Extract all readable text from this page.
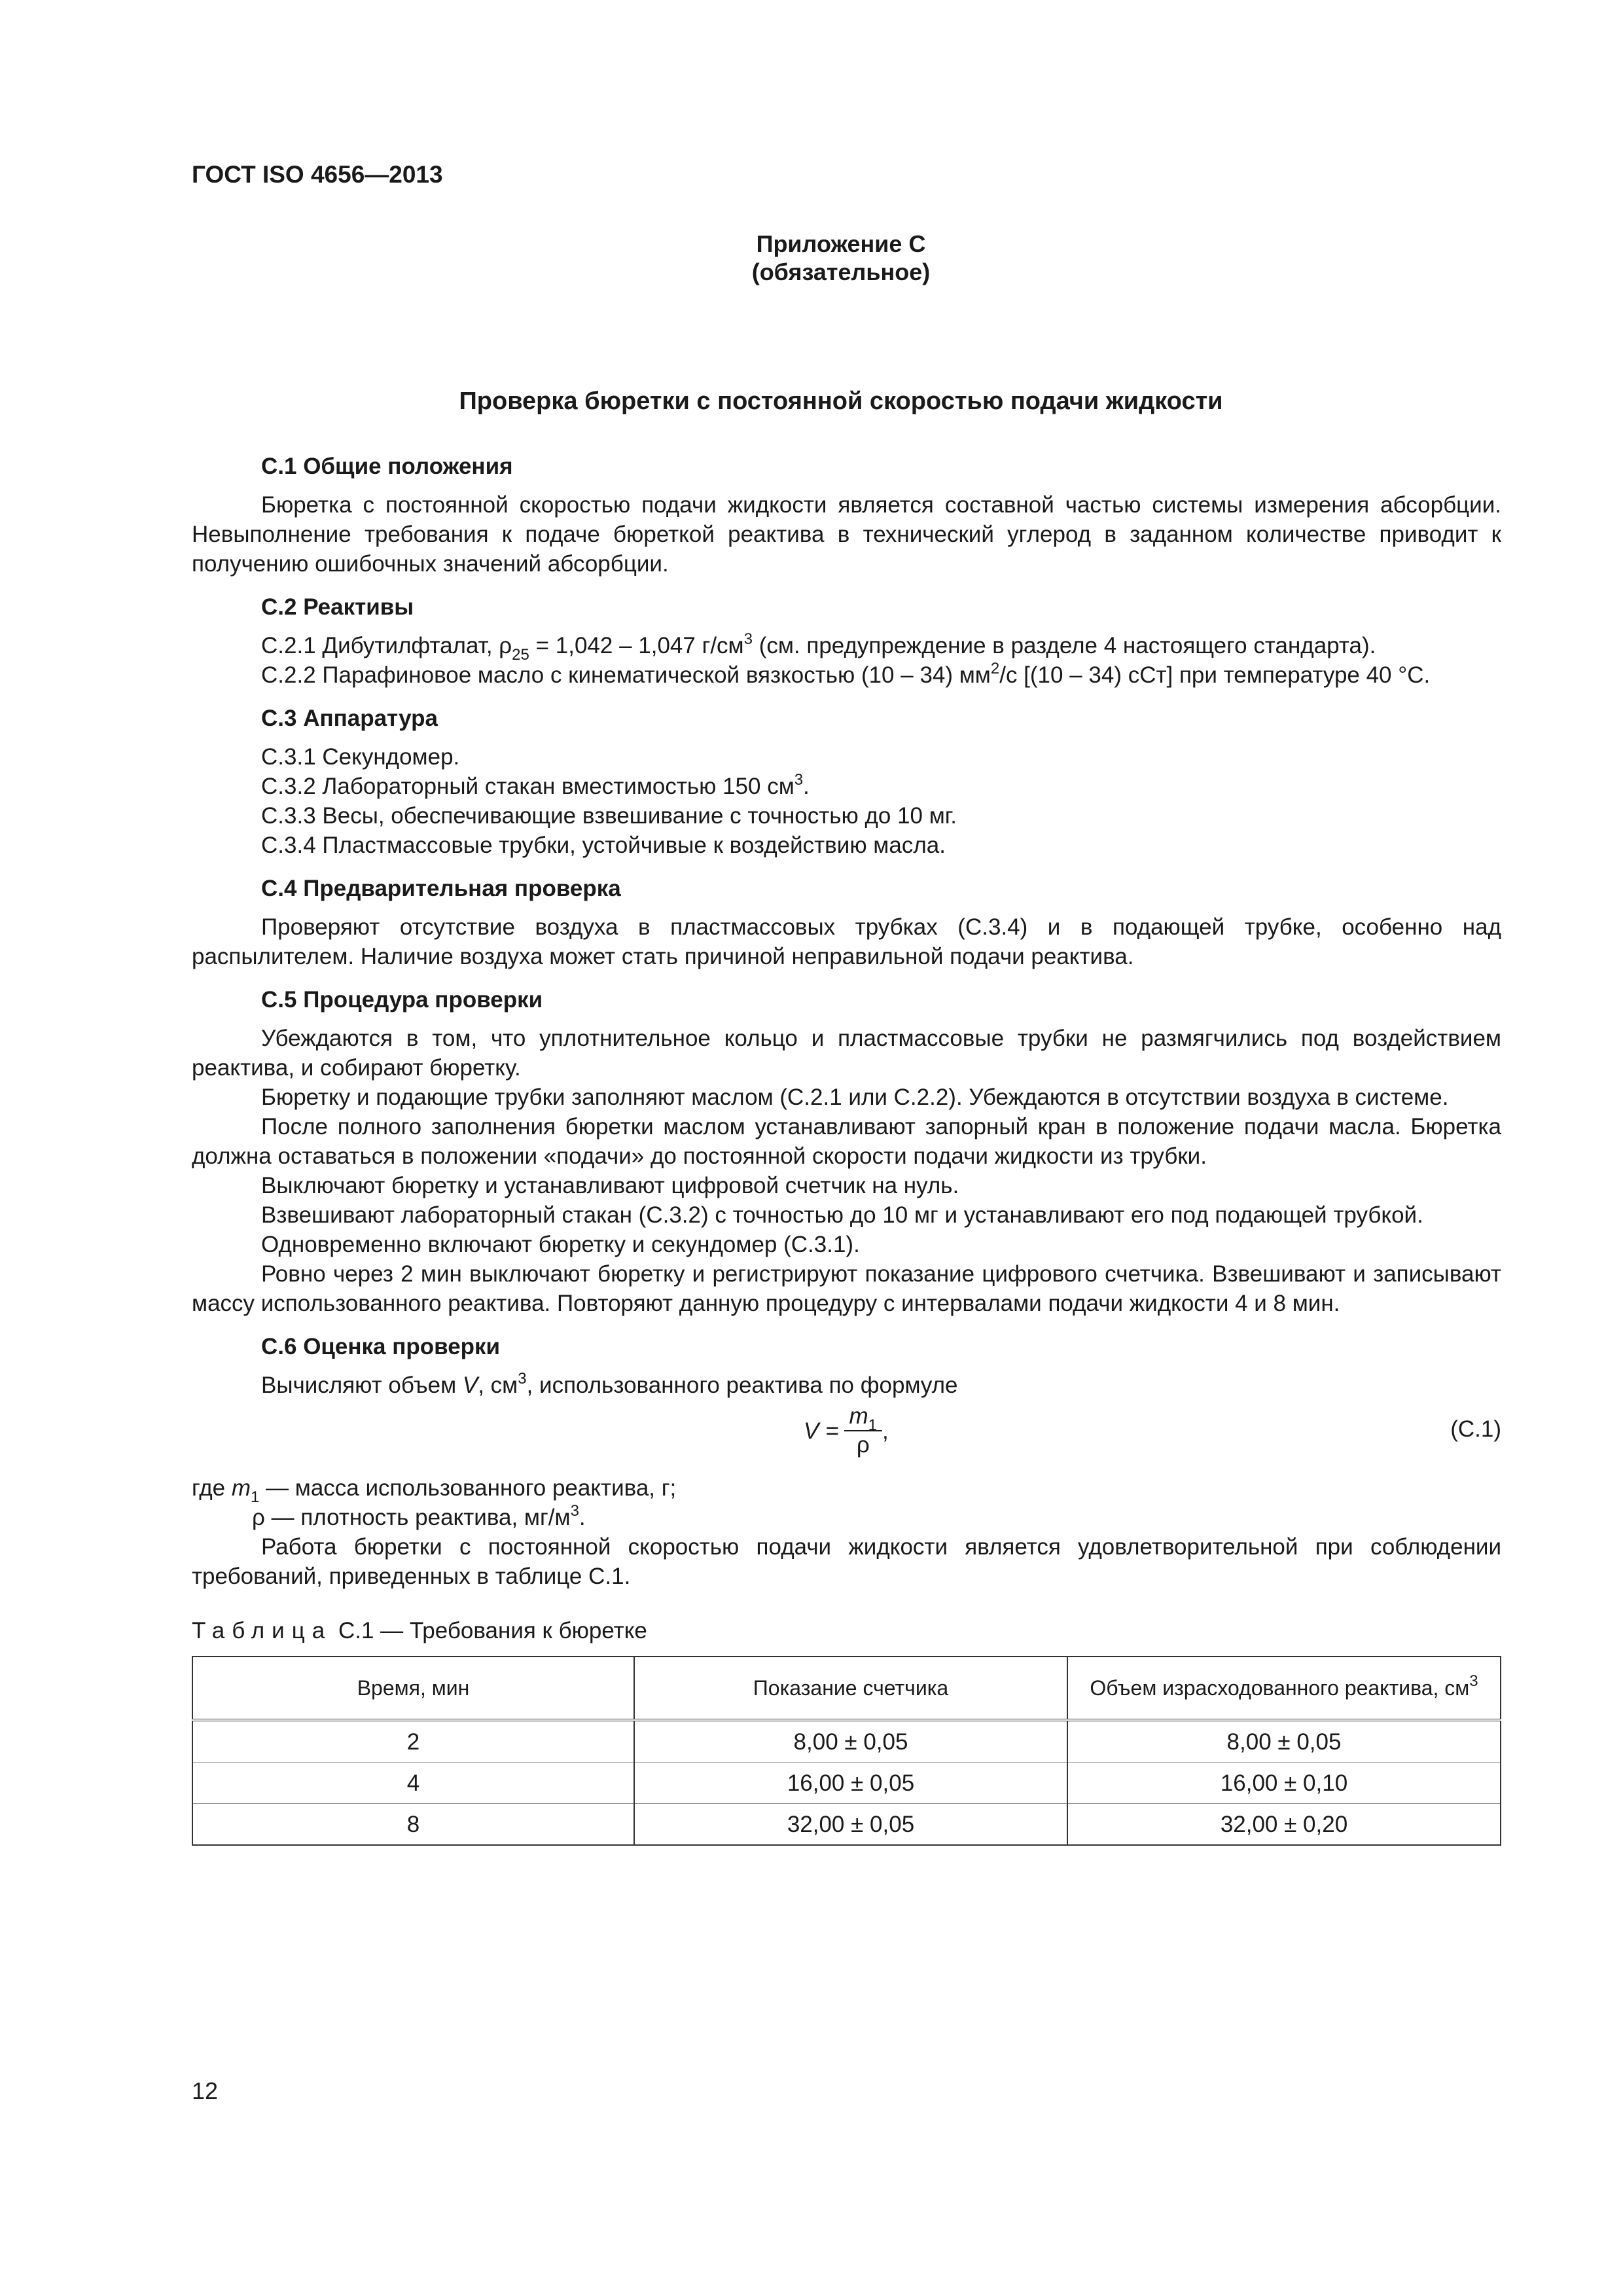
ГОСТ ISO 4656—2013
Приложение С
(обязательное)
Проверка бюретки с постоянной скоростью подачи жидкости
С.1 Общие положения

Бюретка с постоянной скоростью подачи жидкости является составной частью системы измерения абсорбции. Невыполнение требования к подаче бюреткой реактива в технический углерод в заданном количестве приводит к получению ошибочных значений абсорбции.

С.2 Реактивы

С.2.1 Дибутилфталат, $\rho_{25} = 1,042 - 1,047$ $г/см^3$ (см. предупреждение в разделе 4 настоящего стандарта).

С.2.2 Парафиновое масло с кинематической вязкостью (10 – 34) $мм^2/с$ [(10 – 34) сСт] при температуре 40 °С.

С.3 Аппаратура

С.3.1 Секундомер.

С.3.2 Лабораторный стакан вместимостью 150 $см^3$.

С.3.3 Весы, обеспечивающие взвешивание с точностью до 10 мг.

С.3.4 Пластмассовые трубки, устойчивые к воздействию масла.

С.4 Предварительная проверка

Проверяют отсутствие воздуха в пластмассовых трубках (С.3.4) и в подающей трубке, особенно над распылителем. Наличие воздуха может стать причиной неправильной подачи реактива.

С.5 Процедура проверки

Убеждаются в том, что уплотнительное кольцо и пластмассовые трубки не размягчились под воздействием реактива, и собирают бюретку.

Бюретку и подающие трубки заполняют маслом (С.2.1 или С.2.2). Убеждаются в отсутствии воздуха в системе.

После полного заполнения бюретки маслом устанавливают запорный кран в положение подачи масла. Бюретка должна оставаться в положении «подачи» до постоянной скорости подачи жидкости из трубки.

Выключают бюретку и устанавливают цифровой счетчик на нуль.

Взвешивают лабораторный стакан (С.3.2) с точностью до 10 мг и устанавливают его под подающей трубкой.

Одновременно включают бюретку и секундомер (С.3.1).

Ровно через 2 мин выключают бюретку и регистрируют показание цифрового счетчика. Взвешивают и записывают массу использованного реактива. Повторяют данную процедуру с интервалами подачи жидкости 4 и 8 мин.

С.6 Оценка проверки

Вычисляют объем V, $см^3$, использованного реактива по формуле

$V = \frac{m_1}{\rho}$ ,	(С.1)

где $m_1$ — масса использованного реактива, г;

ρ — плотность реактива, $мг/м^3$.

Работа бюретки с постоянной скоростью подачи жидкости является удовлетворительной при соблюдении требований, приведенных в таблице С.1.

Таблица С.1 — Требования к бюретке
Время, мин	Показание счетчика	Объем израсходованного реактива, $см^3$
2	8,00 ± 0,05	8,00 ± 0,05
4	16,00 ± 0,05	16,00 ± 0,10
8	32,00 ± 0,05	32,00 ± 0,20
12
